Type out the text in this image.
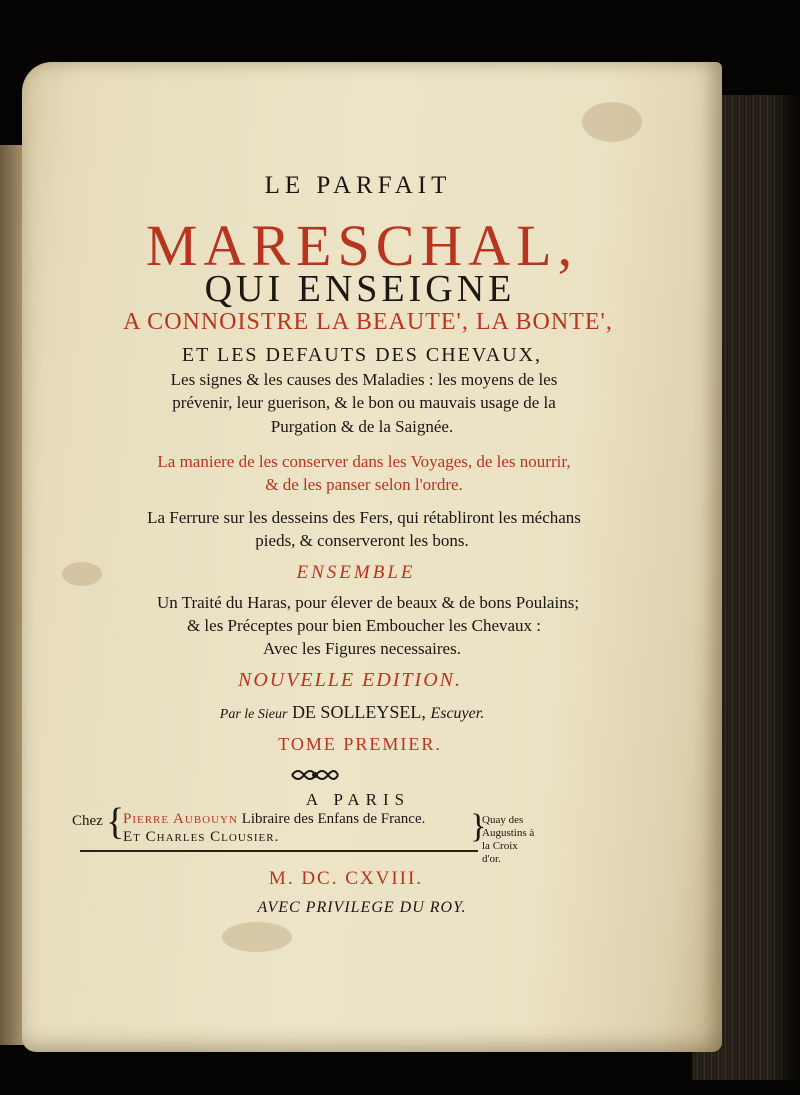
LE PARFAIT
MARESCHAL,
QUI ENSEIGNE
A CONNOISTRE LA BEAUTE', LA BONTE',
ET LES DEFAUTS DES CHEVAUX,
Les signes & les causes des Maladies : les moyens de les
prévenir, leur guerison, & le bon ou mauvais usage de la
Purgation & de la Saignée.
La maniere de les conserver dans les Voyages, de les nourrir,
& de les panser selon l'ordre.
La Ferrure sur les desseins des Fers, qui rétabliront les méchans
pieds, & conserveront les bons.
ENSEMBLE
Un Traité du Haras, pour élever de beaux & de bons Poulains;
& les Préceptes pour bien Emboucher les Chevaux :
Avec les Figures necessaires.
NOUVELLE EDITION.
Par le Sieur DE SOLLEYSEL, Escuyer.
TOME PREMIER.
A PARIS
Chez {
Pierre Aubouyn Libraire des Enfans de France.
Et Charles Clousier.	}
Quay des
Augustins à
la Croix
d'or.
M. DC. CXVIII.
AVEC PRIVILEGE DU ROY.
